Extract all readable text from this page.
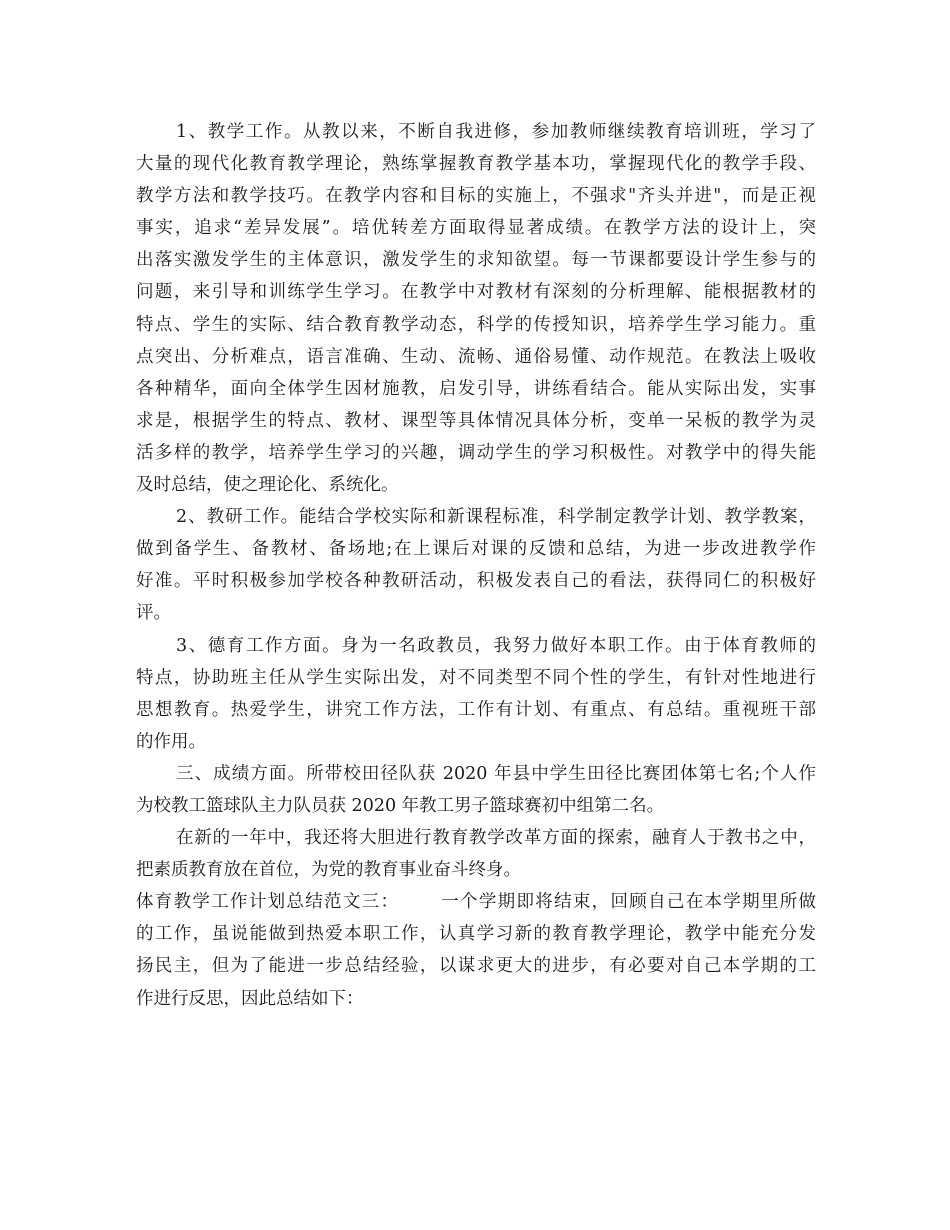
1、教学工作。从教以来，不断自我进修，参加教师继续教育培训班，学习了
大量的现代化教育教学理论，熟练掌握教育教学基本功，掌握现代化的教学手段、
教学方法和教学技巧。在教学内容和目标的实施上，不强求"齐头并进"，而是正视
事实，追求“差异发展”。培优转差方面取得显著成绩。在教学方法的设计上，突
出落实激发学生的主体意识，激发学生的求知欲望。每一节课都要设计学生参与的
问题，来引导和训练学生学习。在教学中对教材有深刻的分析理解、能根据教材的
特点、学生的实际、结合教育教学动态，科学的传授知识，培养学生学习能力。重
点突出、分析难点，语言准确、生动、流畅、通俗易懂、动作规范。在教法上吸收
各种精华，面向全体学生因材施教，启发引导，讲练看结合。能从实际出发，实事
求是，根据学生的特点、教材、课型等具体情况具体分析，变单一呆板的教学为灵
活多样的教学，培养学生学习的兴趣，调动学生的学习积极性。对教学中的得失能
及时总结，使之理论化、系统化。
2、教研工作。能结合学校实际和新课程标准，科学制定教学计划、教学教案，
做到备学生、备教材、备场地;在上课后对课的反馈和总结，为进一步改进教学作
好准。平时积极参加学校各种教研活动，积极发表自己的看法，获得同仁的积极好
评。
3、德育工作方面。身为一名政教员，我努力做好本职工作。由于体育教师的
特点，协助班主任从学生实际出发，对不同类型不同个性的学生，有针对性地进行
思想教育。热爱学生，讲究工作方法，工作有计划、有重点、有总结。重视班干部
的作用。
三、成绩方面。所带校田径队获 2020 年县中学生田径比赛团体第七名;个人作
为校教工篮球队主力队员获 2020 年教工男子篮球赛初中组第二名。
在新的一年中，我还将大胆进行教育教学改革方面的探索，融育人于教书之中，
把素质教育放在首位，为党的教育事业奋斗终身。
体育教学工作计划总结范文三： 一个学期即将结束，回顾自己在本学期里所做
的工作，虽说能做到热爱本职工作，认真学习新的教育教学理论，教学中能充分发
扬民主，但为了能进一步总结经验，以谋求更大的进步，有必要对自己本学期的工
作进行反思，因此总结如下：
